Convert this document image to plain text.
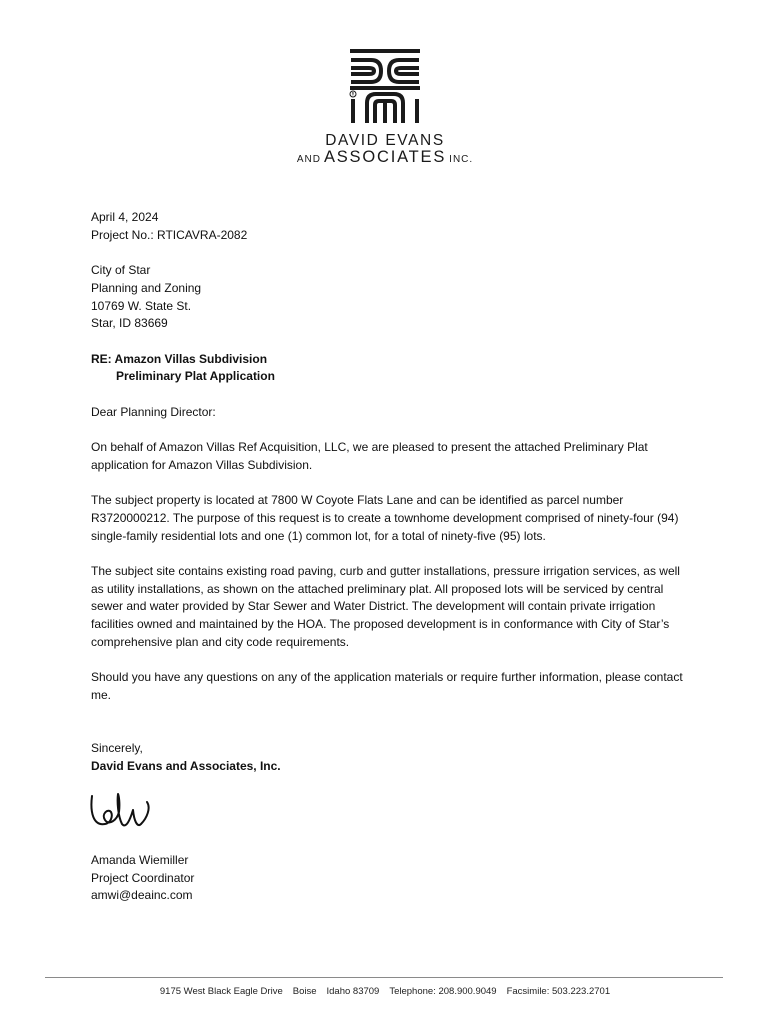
R
DAVID EVANS
AND ASSOCIATES INC.

April 4, 2024

Project No.: RTICAVRA-2082

City of Star

Planning and Zoning

10769 W. State St.

Star, ID 83669

RE: Amazon Villas Subdivision

Preliminary Plat Application

Dear Planning Director:

On behalf of Amazon Villas Ref Acquisition, LLC, we are pleased to present the attached Preliminary Plat application for Amazon Villas Subdivision.

The subject property is located at 7800 W Coyote Flats Lane and can be identified as parcel number R3720000212. The purpose of this request is to create a townhome development comprised of ninety-four (94) single-family residential lots and one (1) common lot, for a total of ninety-five (95) lots.

The subject site contains existing road paving, curb and gutter installations, pressure irrigation services, as well as utility installations, as shown on the attached preliminary plat. All proposed lots will be serviced by central sewer and water provided by Star Sewer and Water District. The development will contain private irrigation facilities owned and maintained by the HOA. The proposed development is in conformance with City of Star’s comprehensive plan and city code requirements.

Should you have any questions on any of the application materials or require further information, please contact me.

Sincerely,

David Evans and Associates, Inc.

Amanda Wiemiller
Project Coordinator
amwi@deainc.com
9175 West Black Eagle Drive Boise Idaho 83709 Telephone: 208.900.9049 Facsimile: 503.223.2701
